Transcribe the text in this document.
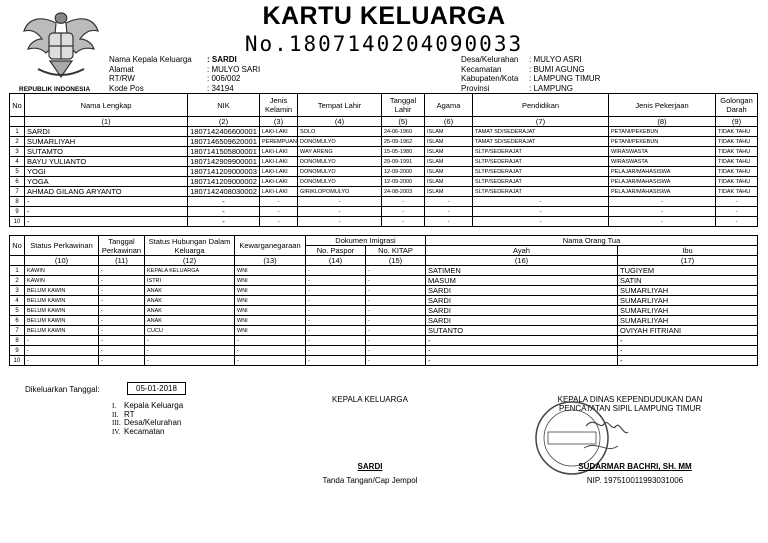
KARTU KELUARGA
No.1807140204090033
REPUBLIK INDONESIA
Nama Kepala Keluarga	: SARDI
Alamat	: MULYO SARI
RT/RW	: 006/002
Kode Pos	: 34194
Desa/Kelurahan	: MULYO ASRI
Kecamatan	: BUMI AGUNG
Kabupaten/Kota	: LAMPUNG TIMUR
Provinsi	: LAMPUNG
No	Nama Lengkap	NIK	Jenis Kelamin	Tempat Lahir	Tanggal Lahir	Agama	Pendidikan	Jenis Pekerjaan	Golongan Darah
	(1)	(2)	(3)	(4)	(5)	(6)	(7)	(8)	(9)
1	SARDI	1807142406600001	LAKI-LAKI	SOLO	24-06-1960	ISLAM	TAMAT SD/SEDERAJAT	PETANI/PEKEBUN	TIDAK TAHU
2	SUMARLIYAH	1807146509620001	PEREMPUAN	DONOMULYO	25-09-1962	ISLAM	TAMAT SD/SEDERAJAT	PETANI/PEKEBUN	TIDAK TAHU
3	SUTAMTO	1807141505800001	LAKI-LAKI	WAY ARENG	15-05-1980	ISLAM	SLTP/SEDERAJAT	WIRASWASTA	TIDAK TAHU
4	BAYU YULIANTO	1807142909900001	LAKI-LAKI	DONOMULYO	29-09-1991	ISLAM	SLTP/SEDERAJAT	WIRASWASTA	TIDAK TAHU
5	YOGI	1807141209000003	LAKI-LAKI	DONOMULYO	12-09-2000	ISLAM	SLTP/SEDERAJAT	PELAJAR/MAHASISWA	TIDAK TAHU
6	YOGA	1807141209000002	LAKI-LAKI	DONOMULYO	12-09-2000	ISLAM	SLTP/SEDERAJAT	PELAJAR/MAHASISWA	TIDAK TAHU
7	AHMAD GILANG ARYANTO	1807142408030002	LAKI-LAKI	GIRIKLOPOMULYO	24-08-2003	ISLAM	SLTP/SEDERAJAT	PELAJAR/MAHASISWA	TIDAK TAHU
8	-	-	-	-	-	-	-	-	-
9	-	-	-	-	-	-	-	-	-
10	-	-	-	-	-	-	-	-	-
No	Status Perkawinan	Tanggal Perkawinan	Status Hubungan Dalam Keluarga	Kewarganegaraan	Dokumen Imigrasi		Nama Orang Tua	
					No. Paspor	No. KITAP	Ayah	Ibu
	(10)	(11)	(12)	(13)	(14)	(15)	(16)	(17)
1	KAWIN	-	KEPALA KELUARGA	WNI	-	-	SATIMEN	TUGIYEM
2	KAWIN	-	ISTRI	WNI	-	-	MASUM	SATIN
3	BELUM KAWIN	-	ANAK	WNI	-	-	SARDI	SUMARLIYAH
4	BELUM KAWIN	-	ANAK	WNI	-	-	SARDI	SUMARLIYAH
5	BELUM KAWIN	-	ANAK	WNI	-	-	SARDI	SUMARLIYAH
6	BELUM KAWIN	-	ANAK	WNI	-	-	SARDI	SUMARLIYAH
7	BELUM KAWIN	-	CUCU	WNI	-	-	SUTANTO	OVIYAH FITRIANI
8	-	-	-	-	-	-	-	-
9	-	-	-	-	-	-	-	-
10	-	-	-	-	-	-	-	-
Dikeluarkan Tanggal:	05-01-2018
I. Kepala Keluarga
II. RT
III. Desa/Kelurahan
IV. Kecamatan
KEPALA KELUARGA
SARDI
Tanda Tangan/Cap Jempol
KEPALA DINAS KEPENDUDUKAN DAN
PENCATATAN SIPIL LAMPUNG TIMUR
SUDARMAR BACHRI, SH. MM
NIP. 197510011993031006
